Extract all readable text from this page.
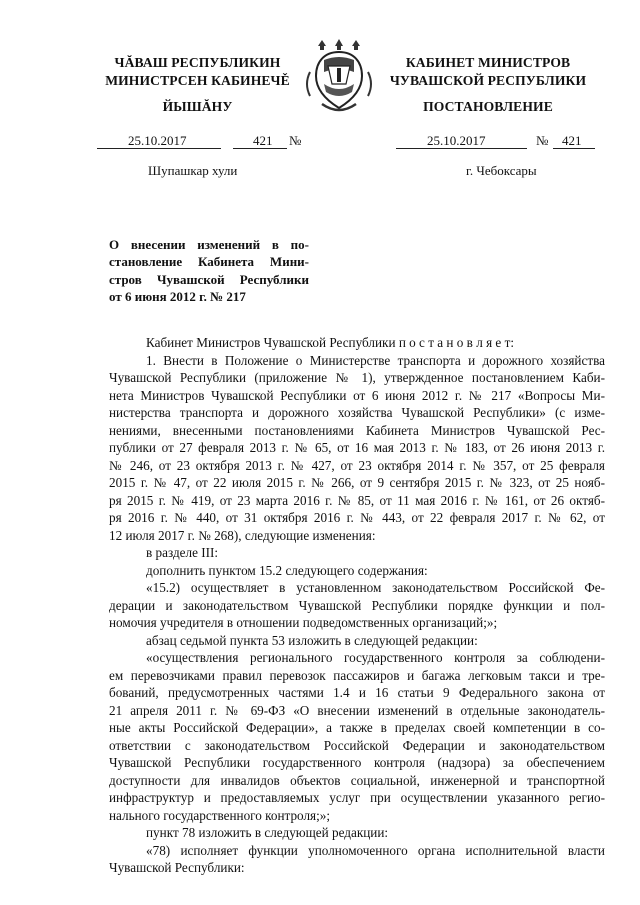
ЧĂВАШ РЕСПУБЛИКИН
МИНИСТРСЕН КАБИНЕЧĚ
ЙЫШĂНУ
КАБИНЕТ МИНИСТРОВ
ЧУВАШСКОЙ РЕСПУБЛИКИ
ПОСТАНОВЛЕНИЕ
25.10.2017	421 №	25.10.2017	№ 421
Шупашкар хули	г. Чебоксары
О внесении изменений в по-
становление Кабинета Мини-
стров Чувашской Республики
от 6 июня 2012 г. № 217
Кабинет Министров Чувашской Республики п о с т а н о в л я е т:
1. Внести в Положение о Министерстве транспорта и дорожного хозяйства
Чувашской Республики (приложение № 1), утвержденное постановлением Каби-
нета Министров Чувашской Республики от 6 июня 2012 г. № 217 «Вопросы Ми-
нистерства транспорта и дорожного хозяйства Чувашской Республики» (с изме-
нениями, внесенными постановлениями Кабинета Министров Чувашской Рес-
публики от 27 февраля 2013 г. № 65, от 16 мая 2013 г. № 183, от 26 июня 2013 г.
№ 246, от 23 октября 2013 г. № 427, от 23 октября 2014 г. № 357, от 25 февраля
2015 г. № 47, от 22 июля 2015 г. № 266, от 9 сентября 2015 г. № 323, от 25 нояб-
ря 2015 г. № 419, от 23 марта 2016 г. № 85, от 11 мая 2016 г. № 161, от 26 октяб-
ря 2016 г. № 440, от 31 октября 2016 г. № 443, от 22 февраля 2017 г. № 62, от
12 июля 2017 г. № 268), следующие изменения:
в разделе III:
дополнить пунктом 15.2 следующего содержания:
«15.2) осуществляет в установленном законодательством Российской Фе-
дерации и законодательством Чувашской Республики порядке функции и пол-
номочия учредителя в отношении подведомственных организаций;»;
абзац седьмой пункта 53 изложить в следующей редакции:
«осуществления регионального государственного контроля за соблюдени-
ем перевозчиками правил перевозок пассажиров и багажа легковым такси и тре-
бований, предусмотренных частями 1.4 и 16 статьи 9 Федерального закона от
21 апреля 2011 г. № 69-ФЗ «О внесении изменений в отдельные законодатель-
ные акты Российской Федерации», а также в пределах своей компетенции в со-
ответствии с законодательством Российской Федерации и законодательством
Чувашской Республики государственного контроля (надзора) за обеспечением
доступности для инвалидов объектов социальной, инженерной и транспортной
инфраструктур и предоставляемых услуг при осуществлении указанного регио-
нального государственного контроля;»;
пункт 78 изложить в следующей редакции:
«78) исполняет функции уполномоченного органа исполнительной власти
Чувашской Республики:
